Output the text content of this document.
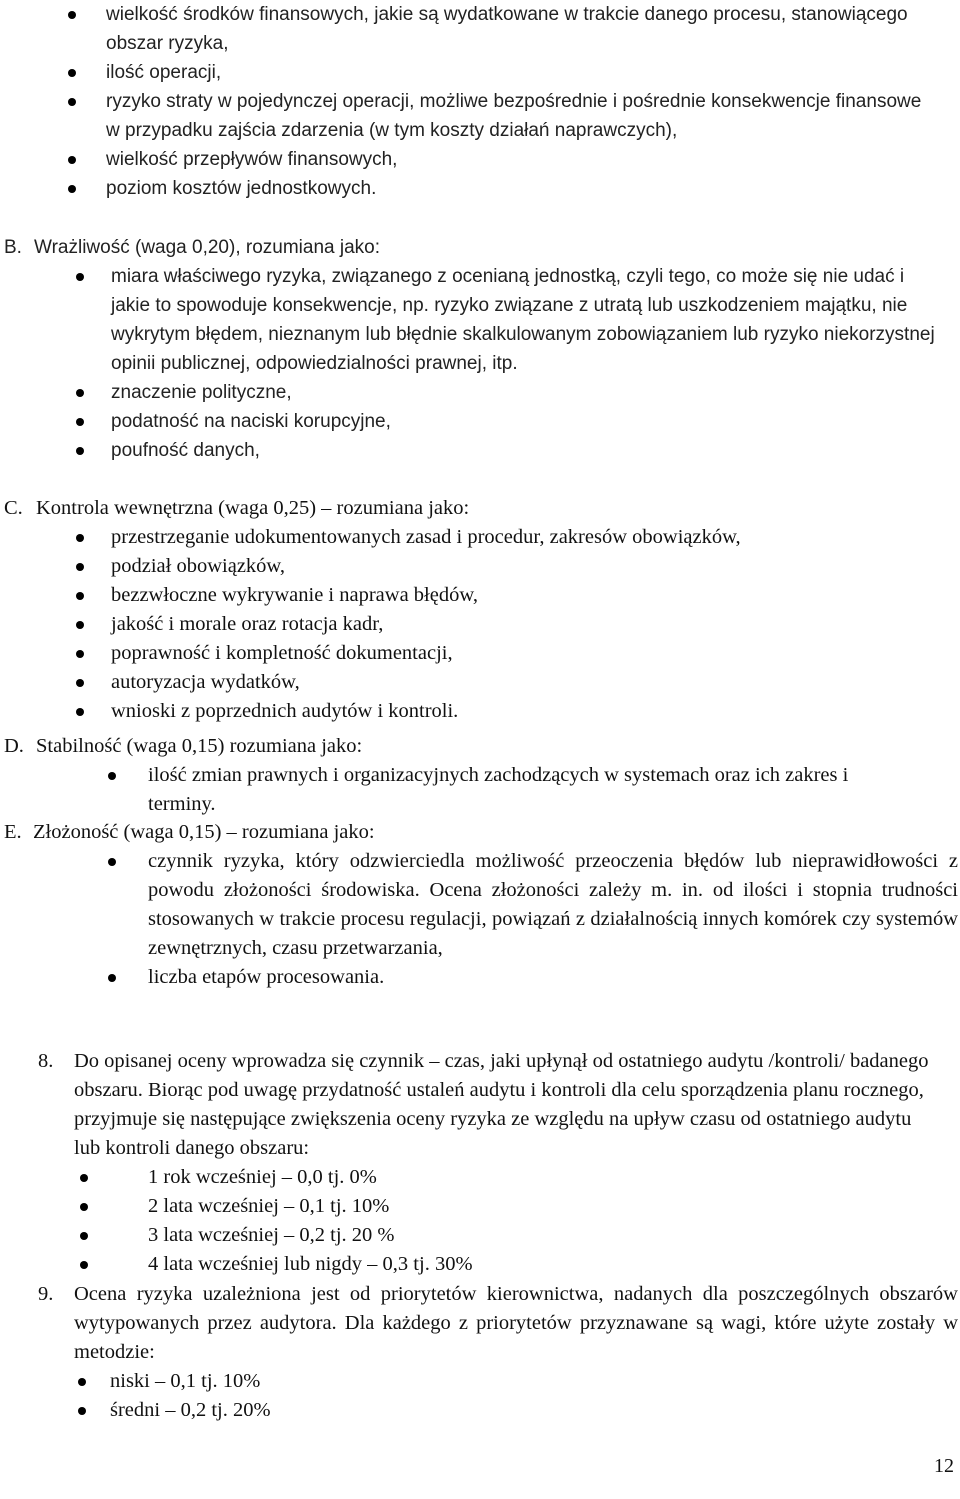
wielkość środków finansowych, jakie są wydatkowane w trakcie danego procesu, stanowiącego obszar ryzyka,
ilość operacji,
ryzyko straty w pojedynczej operacji, możliwe bezpośrednie i pośrednie konsekwencje finansowe w przypadku zajścia zdarzenia (w tym koszty działań naprawczych),
wielkość przepływów finansowych,
poziom kosztów jednostkowych.
B. Wrażliwość (waga 0,20), rozumiana jako:
miara właściwego ryzyka, związanego z ocenianą jednostką, czyli tego, co może się nie udać i jakie to spowoduje konsekwencje, np. ryzyko związane z utratą lub uszkodzeniem majątku, nie wykrytym błędem, nieznanym lub błędnie skalkulowanym zobowiązaniem lub ryzyko niekorzystnej opinii publicznej, odpowiedzialności prawnej, itp.
znaczenie polityczne,
podatność na naciski korupcyjne,
poufność danych,
C. Kontrola wewnętrzna (waga 0,25) – rozumiana jako:
przestrzeganie udokumentowanych zasad i procedur, zakresów obowiązków,
podział obowiązków,
bezzwłoczne wykrywanie i naprawa błędów,
jakość i morale oraz rotacja kadr,
poprawność i kompletność dokumentacji,
autoryzacja wydatków,
wnioski z poprzednich audytów i kontroli.
D. Stabilność (waga 0,15) rozumiana jako:
ilość zmian prawnych i organizacyjnych zachodzących w systemach oraz ich zakres i terminy.
E. Złożoność (waga 0,15) – rozumiana jako:
czynnik ryzyka, który odzwierciedla możliwość przeoczenia błędów lub nieprawidłowości z powodu złożoności środowiska. Ocena złożoności zależy m. in. od ilości i stopnia trudności stosowanych w trakcie procesu regulacji, powiązań z działalnością innych komórek czy systemów zewnętrznych, czasu przetwarzania,
liczba etapów procesowania.
8. Do opisanej oceny wprowadza się czynnik – czas, jaki upłynął od ostatniego audytu /kontroli/ badanego obszaru. Biorąc pod uwagę przydatność ustaleń audytu i kontroli dla celu sporządzenia planu rocznego, przyjmuje się następujące zwiększenia oceny ryzyka ze względu na upływ czasu od ostatniego audytu lub kontroli danego obszaru:
1 rok wcześniej – 0,0 tj. 0%
2 lata wcześniej – 0,1 tj. 10%
3 lata wcześniej – 0,2 tj. 20 %
4 lata wcześniej lub nigdy – 0,3 tj. 30%
9. Ocena ryzyka uzależniona jest od priorytetów kierownictwa, nadanych dla poszczególnych obszarów wytypowanych przez audytora. Dla każdego z priorytetów przyznawane są wagi, które użyte zostały w metodzie:
niski – 0,1 tj. 10%
średni – 0,2 tj. 20%
12
